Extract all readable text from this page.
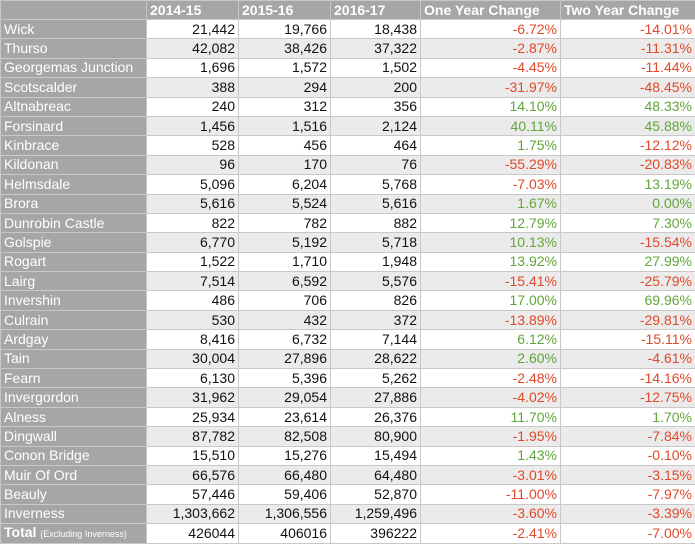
	2014-15	2015-16	2016-17	One Year Change	Two Year Change
Wick	21,442	19,766	18,438	-6.72%	-14.01%
Thurso	42,082	38,426	37,322	-2.87%	-11.31%
Georgemas Junction	1,696	1,572	1,502	-4.45%	-11.44%
Scotscalder	388	294	200	-31.97%	-48.45%
Altnabreac	240	312	356	14.10%	48.33%
Forsinard	1,456	1,516	2,124	40.11%	45.88%
Kinbrace	528	456	464	1.75%	-12.12%
Kildonan	96	170	76	-55.29%	-20.83%
Helmsdale	5,096	6,204	5,768	-7.03%	13.19%
Brora	5,616	5,524	5,616	1.67%	0.00%
Dunrobin Castle	822	782	882	12.79%	7.30%
Golspie	6,770	5,192	5,718	10.13%	-15.54%
Rogart	1,522	1,710	1,948	13.92%	27.99%
Lairg	7,514	6,592	5,576	-15.41%	-25.79%
Invershin	486	706	826	17.00%	69.96%
Culrain	530	432	372	-13.89%	-29.81%
Ardgay	8,416	6,732	7,144	6.12%	-15.11%
Tain	30,004	27,896	28,622	2.60%	-4.61%
Fearn	6,130	5,396	5,262	-2.48%	-14.16%
Invergordon	31,962	29,054	27,886	-4.02%	-12.75%
Alness	25,934	23,614	26,376	11.70%	1.70%
Dingwall	87,782	82,508	80,900	-1.95%	-7.84%
Conon Bridge	15,510	15,276	15,494	1.43%	-0.10%
Muir Of Ord	66,576	66,480	64,480	-3.01%	-3.15%
Beauly	57,446	59,406	52,870	-11.00%	-7.97%
Inverness	1,303,662	1,306,556	1,259,496	-3.60%	-3.39%
Total (Excluding Inverness)	426044	406016	396222	-2.41%	-7.00%
